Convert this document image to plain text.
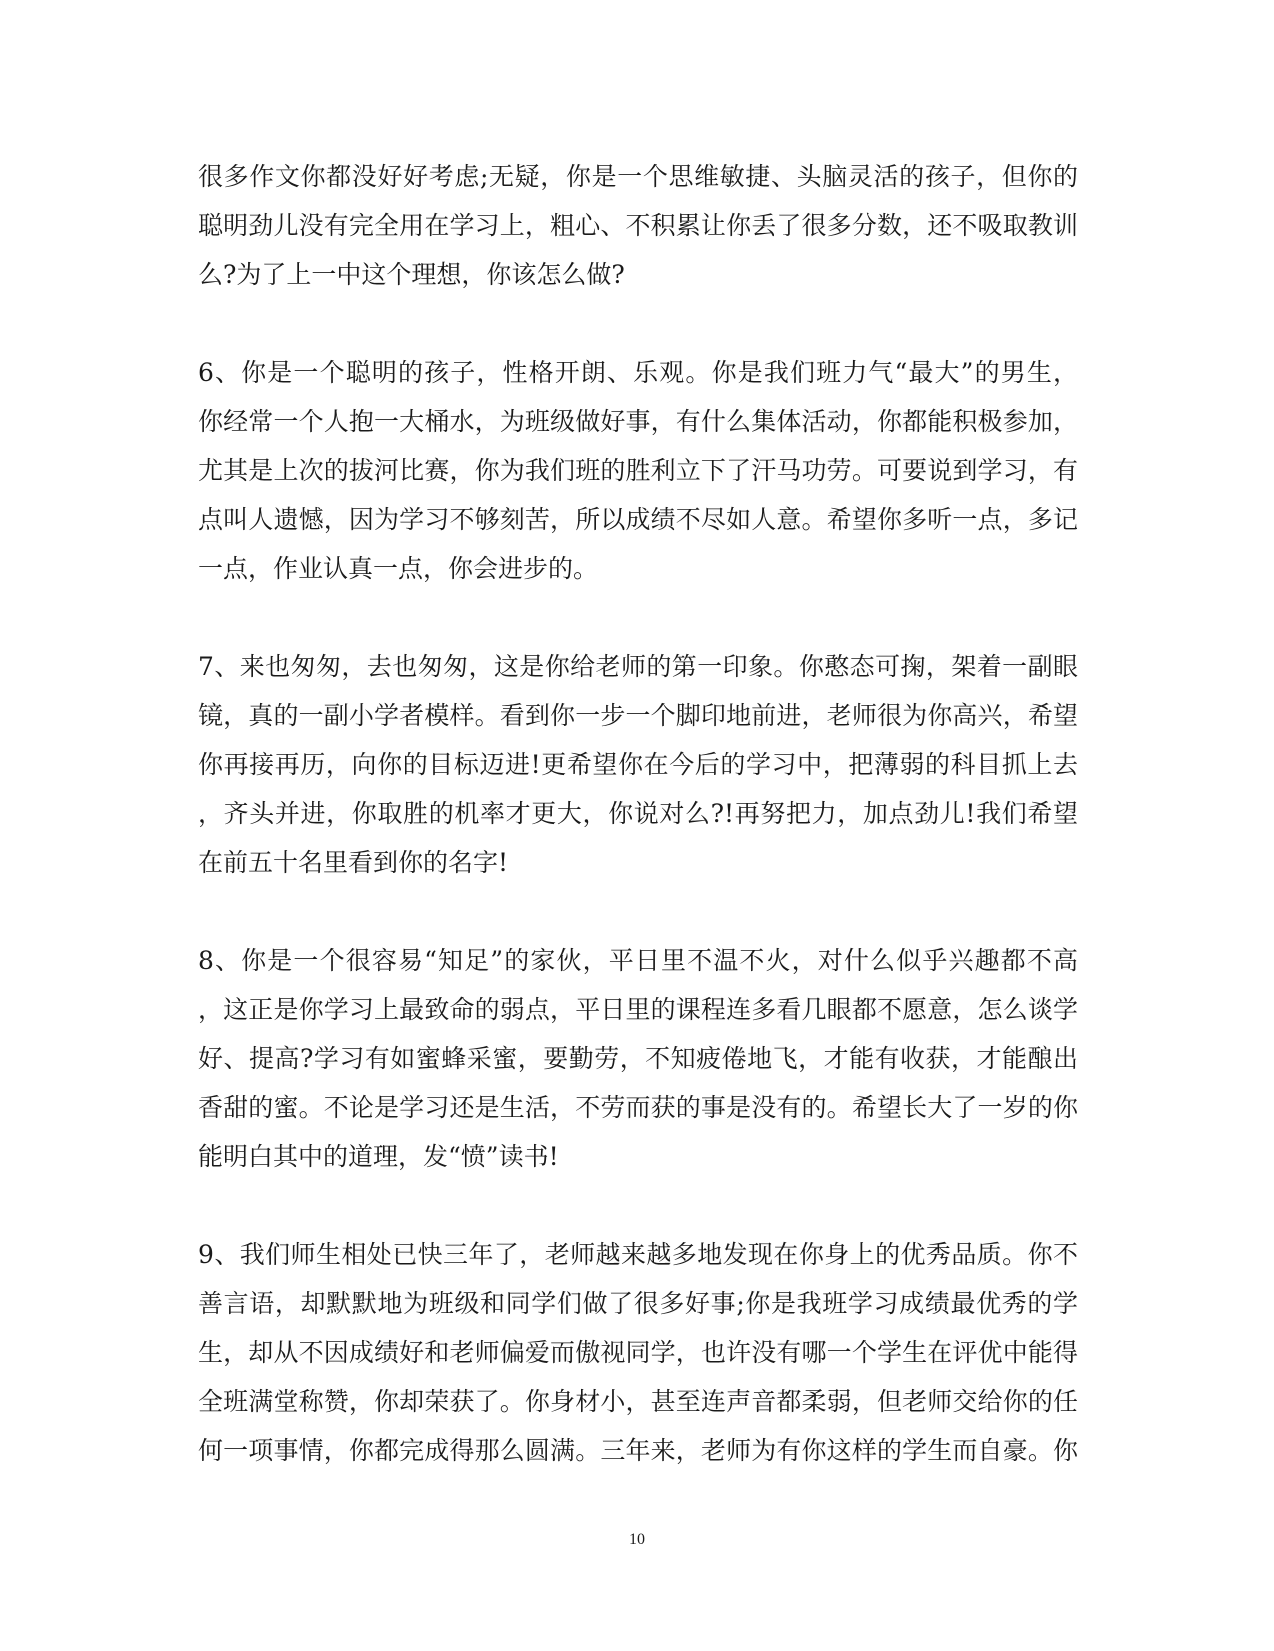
很多作文你都没好好考虑;无疑，你是一个思维敏捷、头脑灵活的孩子，但你的
聪明劲儿没有完全用在学习上，粗心、不积累让你丢了很多分数，还不吸取教训
么?为了上一中这个理想，你该怎么做?
6、你是一个聪明的孩子，性格开朗、乐观。你是我们班力气“最大”的男生，
你经常一个人抱一大桶水，为班级做好事，有什么集体活动，你都能积极参加，
尤其是上次的拔河比赛，你为我们班的胜利立下了汗马功劳。可要说到学习，有
点叫人遗憾，因为学习不够刻苦，所以成绩不尽如人意。希望你多听一点，多记
一点，作业认真一点，你会进步的。
7、来也匆匆，去也匆匆，这是你给老师的第一印象。你憨态可掬，架着一副眼
镜，真的一副小学者模样。看到你一步一个脚印地前进，老师很为你高兴，希望
你再接再历，向你的目标迈进!更希望你在今后的学习中，把薄弱的科目抓上去
，齐头并进，你取胜的机率才更大，你说对么?!再努把力，加点劲儿!我们希望
在前五十名里看到你的名字!
8、你是一个很容易“知足”的家伙，平日里不温不火，对什么似乎兴趣都不高
，这正是你学习上最致命的弱点，平日里的课程连多看几眼都不愿意，怎么谈学
好、提高?学习有如蜜蜂采蜜，要勤劳，不知疲倦地飞，才能有收获，才能酿出
香甜的蜜。不论是学习还是生活，不劳而获的事是没有的。希望长大了一岁的你
能明白其中的道理，发“愤”读书!
9、我们师生相处已快三年了，老师越来越多地发现在你身上的优秀品质。你不
善言语，却默默地为班级和同学们做了很多好事;你是我班学习成绩最优秀的学
生，却从不因成绩好和老师偏爱而傲视同学，也许没有哪一个学生在评优中能得
全班满堂称赞，你却荣获了。你身材小，甚至连声音都柔弱，但老师交给你的任
何一项事情，你都完成得那么圆满。三年来，老师为有你这样的学生而自豪。你
10
